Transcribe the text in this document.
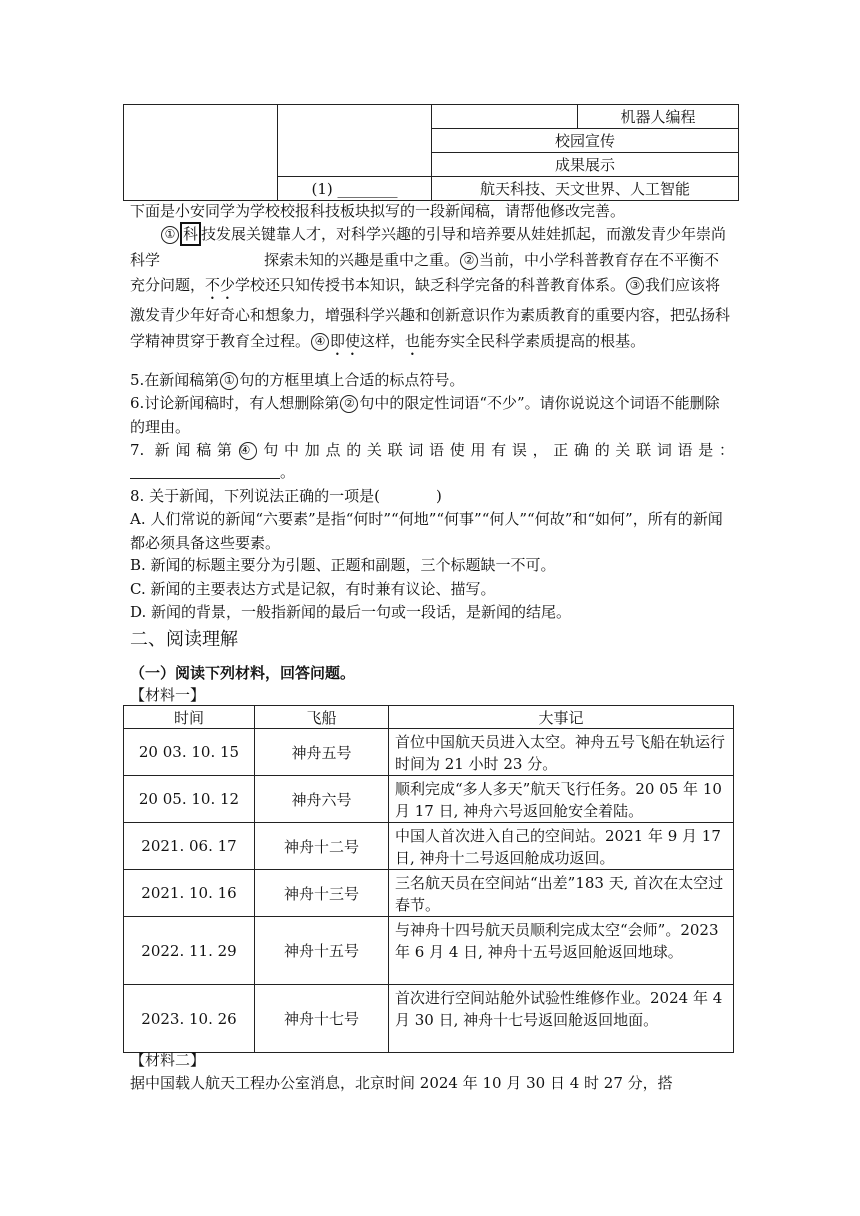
			机器人编程
		校园宣传	
		成果展示	
	(1) ________	航天科技、天文世界、人工智能	
下面是小安同学为学校校报科技板块拟写的一段新闻稿，请帮他修改完善。
① 科 技发展关键靠人才，对科学兴趣的引导和培养要从娃娃抓起，而激发青少年崇尚科学	探索未知的兴趣是重中之重。 ② 当前，中小学科普教育存在不平衡不充分问题，不少学校还只知传授书本知识，缺乏科学完备的科普教育体系。 ③ 我们应该将激发青少年好奇心和想象力，增强科学兴趣和创新意识作为素质教育的重要内容，把弘扬科学精神贯穿于教育全过程。 ④ 即使这样，也能夯实全民科学素质提高的根基。
5.在新闻稿第 ① 句的方框里填上合适的标点符号。
6.讨论新闻稿时，有人想删除第 ② 句中的限定性词语“不少”。请你说说这个词语不能删除的理由。
7. 新闻稿第 ④ 句中加点的关联词语使用有误，正确的关联词语是：
。
8. 关于新闻，下列说法正确的一项是(	)
A. 人们常说的新闻“六要素”是指“何时”“何地”“何事”“何人”“何故”和“如何”，所有的新闻都必须具备这些要素。
B. 新闻的标题主要分为引题、正题和副题，三个标题缺一不可。
C. 新闻的主要表达方式是记叙，有时兼有议论、描写。
D. 新闻的背景，一般指新闻的最后一句或一段话，是新闻的结尾。
二、阅读理解
（一）阅读下列材料，回答问题。
【材料一】
时间	飞船	大事记
20 03. 10. 15	神舟五号	首位中国航天员进入太空。神舟五号飞船在轨运行时间为 21 小时 23 分。
20 05. 10. 12	神舟六号	顺利完成“多人多天”航天飞行任务。20 05 年 10 月 17 日, 神舟六号返回舱安全着陆。
2021. 06. 17	神舟十二号	中国人首次进入自己的空间站。2021 年 9 月 17 日, 神舟十二号返回舱成功返回。
2021. 10. 16	神舟十三号	三名航天员在空间站“出差”183 天, 首次在太空过春节。
2022. 11. 29	神舟十五号	与神舟十四号航天员顺利完成太空“会师”。2023 年 6 月 4 日, 神舟十五号返回舱返回地球。
2023. 10. 26	神舟十七号	首次进行空间站舱外试验性维修作业。2024 年 4 月 30 日, 神舟十七号返回舱返回地面。
【材料二】
据中国载人航天工程办公室消息，北京时间 2024 年 10 月 30 日 4 时 27 分，搭
